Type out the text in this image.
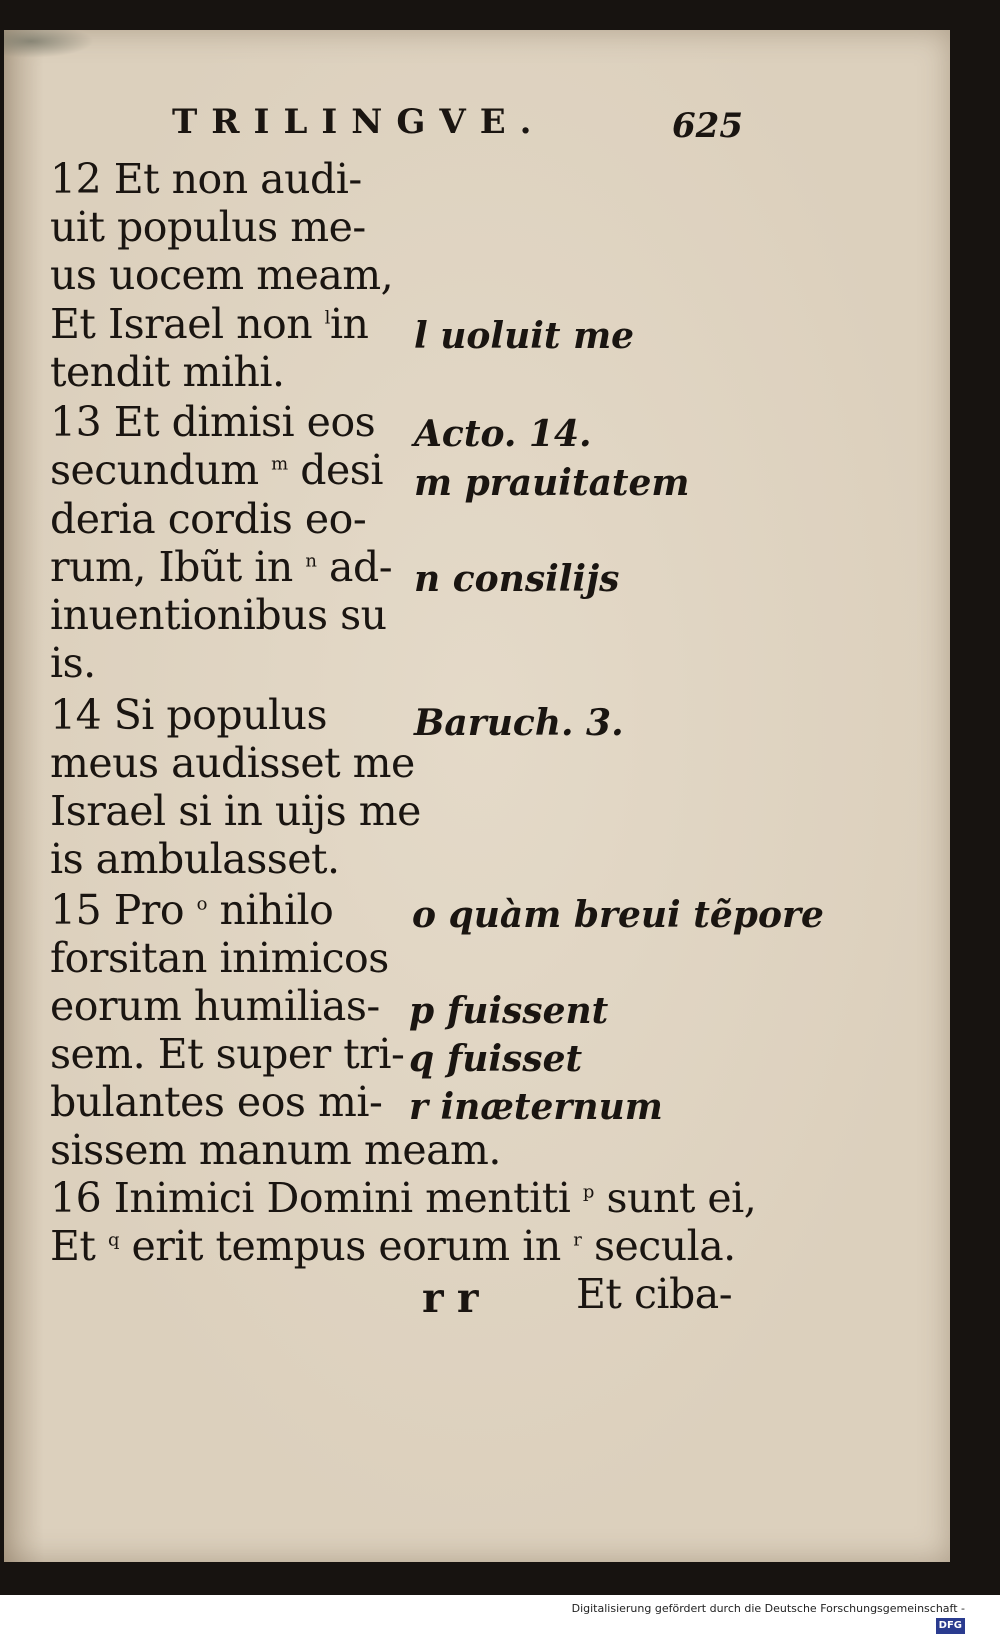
TRILINGVE.	625
12 Et non audi-
uit populus me-
us uocem meam,
Et Israel non $^l$in
tendit mihi.
13 Et dimisi eos
secundum $^m$ desi
deria cordis eo-
rum, Ibũt in $^n$ ad-
inuentionibus su
is.
14 Si populus
meus audisset me
Israel si in uijs me
is ambulasset.
15 Pro $^o$ nihilo
forsitan inimicos
eorum humilias-
sem. Et super tri-
bulantes eos mi-
sissem manum meam.
16 Inimici Domini mentiti $^p$ sunt ei,
Et $^q$ erit tempus eorum in $^r$ secula.
l uoluit me
Acto. 14.
m prauitatem
n consilijs
Baruch. 3.
o quàm breui tẽpore
p fuissent
q fuisset
r inæternum
r r Et ciba-
Digitalisierung gefördert durch die Deutsche Forschungsgemeinschaft -DFG
